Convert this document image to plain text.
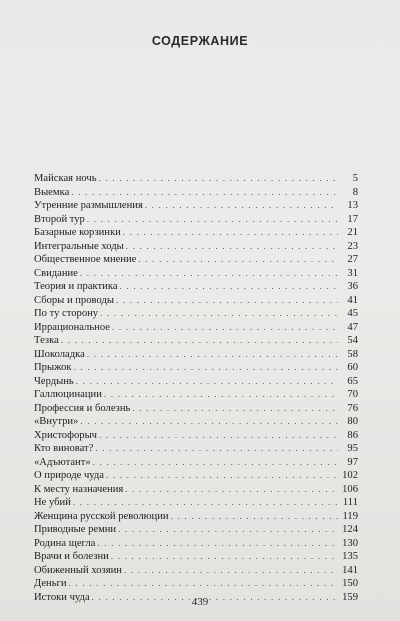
СОДЕРЖАНИЕ
Майская ночь . . .	5
Выемка . . .	8
Утренние размышления . . .	13
Второй тур . . .	17
Базарные корзинки . . .	21
Интегральные ходы . . .	23
Общественное мнение . . .	27
Свидание . . .	31
Теория и практика . . .	36
Сборы и проводы . . .	41
По ту сторону . . .	45
Иррациональное . . .	47
Тезка . . .	54
Шоколадка . . .	58
Прыжок . . .	60
Чердынь . . .	65
Галлюцинации . . .	70
Профессия и болезнь . . .	76
«Внутри» . . .	80
Христофорыч . . .	86
Кто виноват? . . .	95
«Адъютант» . . .	97
О природе чуда . . .	102
К месту назначения . . .	106
Не убий . . .	111
Женщина русской революции . . .	119
Приводные ремни . . .	124
Родина щегла . . .	130
Врачи и болезни . . .	135
Обиженный хозяин . . .	141
Деньги . . .	150
Истоки чуда . . .	159
439
